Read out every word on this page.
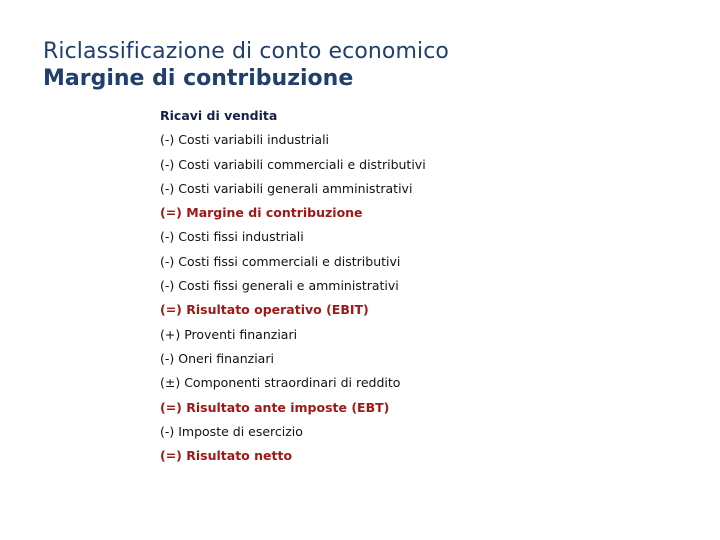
Riclassificazione di conto economico
Margine di contribuzione
Ricavi di vendita
(-) Costi variabili industriali
(-) Costi variabili commerciali e distributivi
(-) Costi variabili generali amministrativi
(=) Margine di contribuzione
(-) Costi fissi industriali
(-) Costi fissi commerciali e distributivi
(-) Costi fissi generali e amministrativi
(=) Risultato operativo (EBIT)
(+) Proventi finanziari
(-) Oneri finanziari
(±) Componenti straordinari di reddito
(=) Risultato ante imposte (EBT)
(-) Imposte di esercizio
(=) Risultato netto
